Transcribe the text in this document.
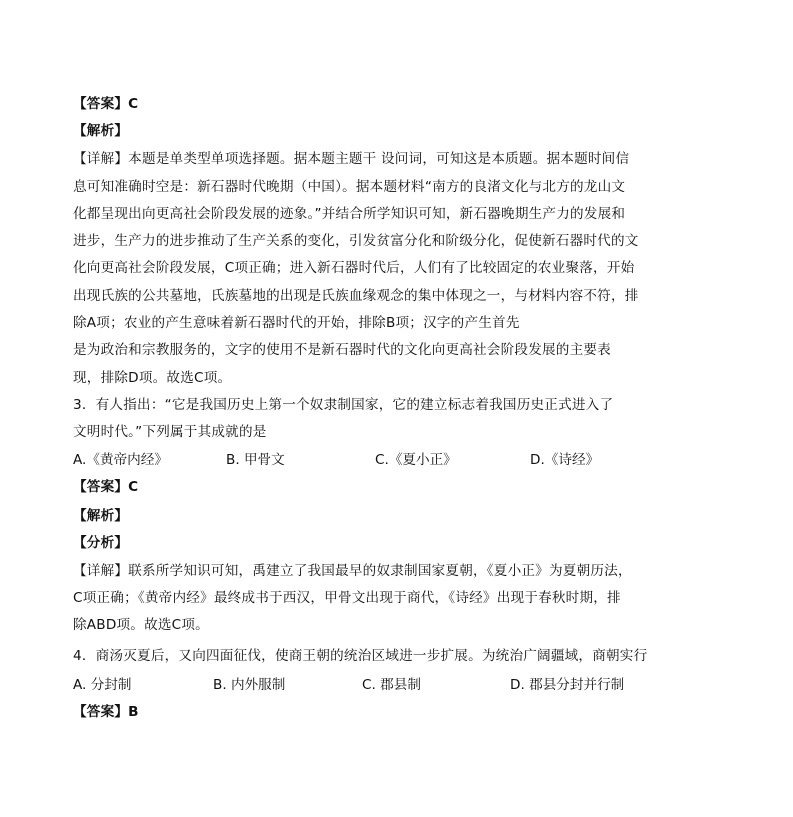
【答案】C
【解析】
【详解】本题是单类型单项选择题。据本题主题干 设问词，可知这是本质题。据本题时间信
息可知准确时空是：新石器时代晚期（中国）。据本题材料“南方的良渚文化与北方的龙山文
化都呈现出向更高社会阶段发展的迹象。”并结合所学知识可知，新石器晚期生产力的发展和
进步，生产力的进步推动了生产关系的变化，引发贫富分化和阶级分化，促使新石器时代的文
化向更高社会阶段发展，C项正确；进入新石器时代后，人们有了比较固定的农业聚落，开始
出现氏族的公共墓地，氏族墓地的出现是氏族血缘观念的集中体现之一，与材料内容不符，排
除A项；农业的产生意味着新石器时代的开始，排除B项；汉字的产生首先
是为政治和宗教服务的，文字的使用不是新石器时代的文化向更高社会阶段发展的主要表
现，排除D项。故选C项。
3．有人指出：“它是我国历史上第一个奴隶制国家，它的建立标志着我国历史正式进入了
文明时代。”下列属于其成就的是
A.《黄帝内经》	B. 甲骨文	C.《夏小正》	D.《诗经》
【答案】C
【解析】
【分析】
【详解】联系所学知识可知，禹建立了我国最早的奴隶制国家夏朝，《夏小正》为夏朝历法，
C项正确；《黄帝内经》最终成书于西汉，甲骨文出现于商代，《诗经》出现于春秋时期，排
除ABD项。故选C项。
4．商汤灭夏后，又向四面征伐，使商王朝的统治区域进一步扩展。为统治广阔疆域，商朝实行
A. 分封制	B. 内外服制	C. 郡县制	D. 郡县分封并行制
【答案】B
